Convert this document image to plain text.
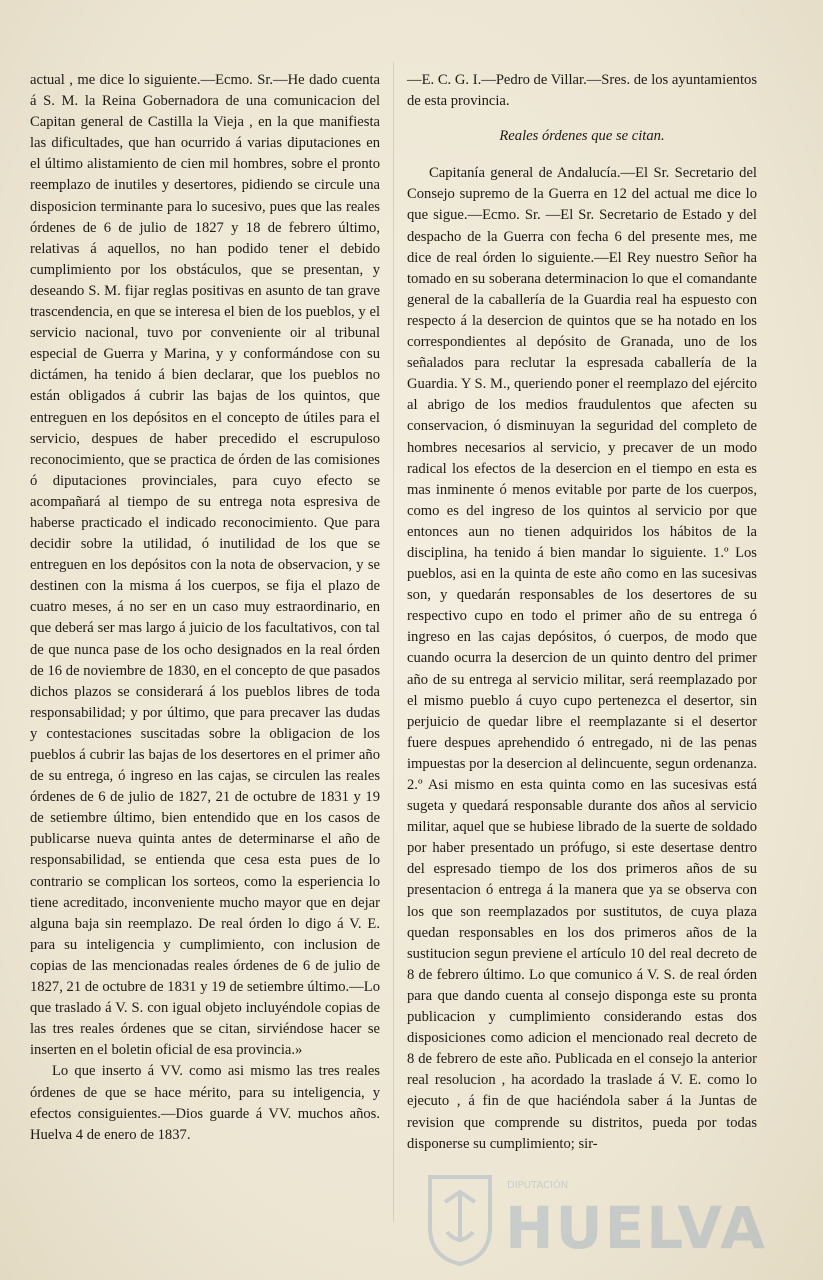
actual , me dice lo siguiente.—Ecmo. Sr.—He dado cuenta á S. M. la Reina Gobernadora de una comunicacion del Capitan general de Castilla la Vieja , en la que manifiesta las dificultades, que han ocurrido á varias diputaciones en el último alistamiento de cien mil hombres, sobre el pronto reemplazo de inutiles y desertores, pidiendo se circule una disposicion terminante para lo sucesivo, pues que las reales órdenes de 6 de julio de 1827 y 18 de febrero último, relativas á aquellos, no han podido tener el debido cumplimiento por los obstáculos, que se presentan, y deseando S. M. fijar reglas positivas en asunto de tan grave trascendencia, en que se interesa el bien de los pueblos, y el servicio nacional, tuvo por conveniente oir al tribunal especial de Guerra y Marina, y y conformándose con su dictámen, ha tenido á bien declarar, que los pueblos no están obligados á cubrir las bajas de los quintos, que entreguen en los depósitos en el concepto de útiles para el servicio, despues de haber precedido el escrupuloso reconocimiento, que se practica de órden de las comisiones ó diputaciones provinciales, para cuyo efecto se acompañará al tiempo de su entrega nota espresiva de haberse practicado el indicado reconocimiento. Que para decidir sobre la utilidad, ó inutilidad de los que se entreguen en los depósitos con la nota de observacion, y se destinen con la misma á los cuerpos, se fija el plazo de cuatro meses, á no ser en un caso muy estraordinario, en que deberá ser mas largo á juicio de los facultativos, con tal de que nunca pase de los ocho designados en la real órden de 16 de noviembre de 1830, en el concepto de que pasados dichos plazos se considerará á los pueblos libres de toda responsabilidad; y por último, que para precaver las dudas y contestaciones suscitadas sobre la obligacion de los pueblos á cubrir las bajas de los desertores en el primer año de su entrega, ó ingreso en las cajas, se circulen las reales órdenes de 6 de julio de 1827, 21 de octubre de 1831 y 19 de setiembre último, bien entendido que en los casos de publicarse nueva quinta antes de determinarse el año de responsabilidad, se entienda que cesa esta pues de lo contrario se complican los sorteos, como la esperiencia lo tiene acreditado, inconveniente mucho mayor que en dejar alguna baja sin reemplazo. De real órden lo digo á V. E. para su inteligencia y cumplimiento, con inclusion de copias de las mencionadas reales órdenes de 6 de julio de 1827, 21 de octubre de 1831 y 19 de setiembre último.—Lo que traslado á V. S. con igual objeto incluyéndole copias de las tres reales órdenes que se citan, sirviéndose hacer se inserten en el boletin oficial de esa provincia.»

Lo que inserto á VV. como asi mismo las tres reales órdenes de que se hace mérito, para su inteligencia, y efectos consiguientes.—Dios guarde á VV. muchos años. Huelva 4 de enero de 1837.

—E. C. G. I.—Pedro de Villar.—Sres. de los ayuntamientos de esta provincia.

Reales órdenes que se citan.

Capitanía general de Andalucía.—El Sr. Secretario del Consejo supremo de la Guerra en 12 del actual me dice lo que sigue.—Ecmo. Sr. —El Sr. Secretario de Estado y del despacho de la Guerra con fecha 6 del presente mes, me dice de real órden lo siguiente.—El Rey nuestro Señor ha tomado en su soberana determinacion lo que el comandante general de la caballería de la Guardia real ha espuesto con respecto á la desercion de quintos que se ha notado en los correspondientes al depósito de Granada, uno de los señalados para reclutar la espresada caballería de la Guardia. Y S. M., queriendo poner el reemplazo del ejército al abrigo de los medios fraudulentos que afecten su conservacion, ó disminuyan la seguridad del completo de hombres necesarios al servicio, y precaver de un modo radical los efectos de la desercion en el tiempo en esta es mas inminente ó menos evitable por parte de los cuerpos, como es del ingreso de los quintos al servicio por que entonces aun no tienen adquiridos los hábitos de la disciplina, ha tenido á bien mandar lo siguiente. 1.º Los pueblos, asi en la quinta de este año como en las sucesivas son, y quedarán responsables de los desertores de su respectivo cupo en todo el primer año de su entrega ó ingreso en las cajas depósitos, ó cuerpos, de modo que cuando ocurra la desercion de un quinto dentro del primer año de su entrega al servicio militar, será reemplazado por el mismo pueblo á cuyo cupo pertenezca el desertor, sin perjuicio de quedar libre el reemplazante si el desertor fuere despues aprehendido ó entregado, ni de las penas impuestas por la desercion al delincuente, segun ordenanza. 2.º Asi mismo en esta quinta como en las sucesivas está sugeta y quedará responsable durante dos años al servicio militar, aquel que se hubiese librado de la suerte de soldado por haber presentado un prófugo, si este desertase dentro del espresado tiempo de los dos primeros años de su presentacion ó entrega á la manera que ya se observa con los que son reemplazados por sustitutos, de cuya plaza quedan responsables en los dos primeros años de la sustitucion segun previene el artículo 10 del real decreto de 8 de febrero último. Lo que comunico á V. S. de real órden para que dando cuenta al consejo disponga este su pronta publicacion y cumplimiento considerando estas dos disposiciones como adicion el mencionado real decreto de 8 de febrero de este año. Publicada en el consejo la anterior real resolucion , ha acordado la traslade á V. E. como lo ejecuto , á fin de que haciéndola saber á la Juntas de revision que comprende su distritos, pueda por todas disponerse su cumplimiento; sir-

DIPUTACIÓN
HUELVA
